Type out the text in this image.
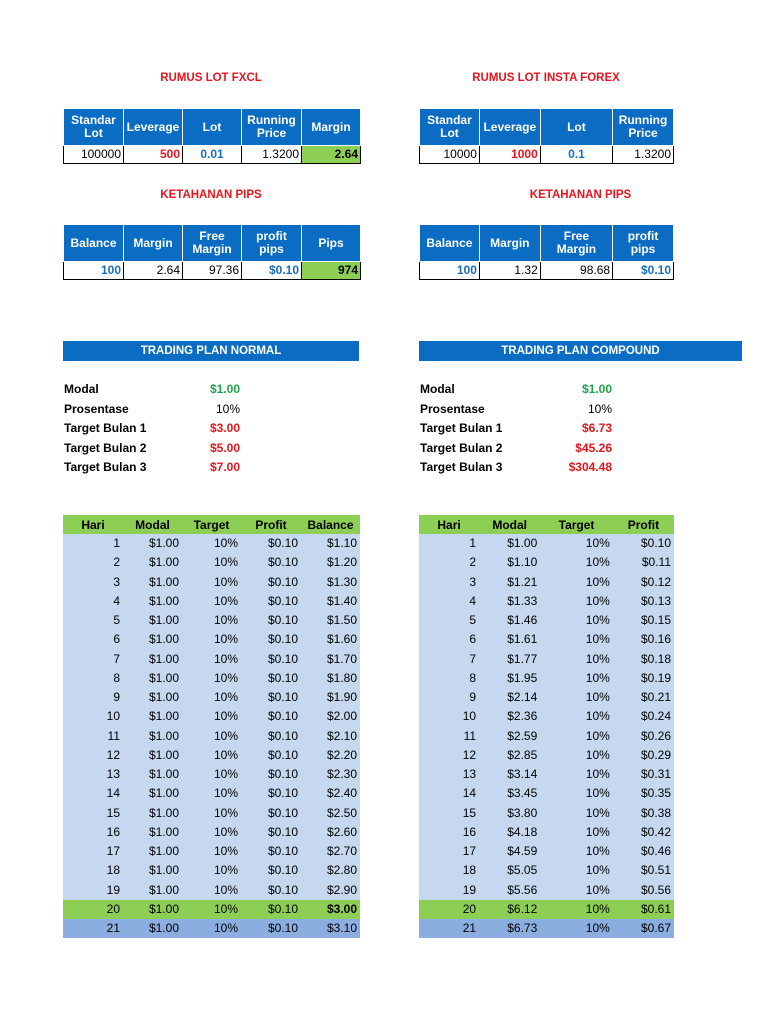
RUMUS LOT FXCL	RUMUS LOT INSTA FOREX
KETAHANAN PIPS	KETAHANAN PIPS
Standar Lot	Leverage	Lot	Running Price	Margin
100000	500	0.01	1.3200	2.64
Standar Lot	Leverage	Lot	Running Price
10000	1000	0.1	1.3200
Balance	Margin	Free Margin	profit pips	Pips
100	2.64	97.36	$0.10	974
Balance	Margin	Free Margin	profit pips
100	1.32	98.68	$0.10
TRADING PLAN NORMAL	TRADING PLAN COMPOUND
Modal	$1.00
Prosentase	10%
Target Bulan 1	$3.00
Target Bulan 2	$5.00
Target Bulan 3	$7.00
Modal	$1.00
Prosentase	10%
Target Bulan 1	$6.73
Target Bulan 2	$45.26
Target Bulan 3	$304.48
Hari	Modal	Target	Profit	Balance
1	$1.00	10%	$0.10	$1.10
2	$1.00	10%	$0.10	$1.20
3	$1.00	10%	$0.10	$1.30
4	$1.00	10%	$0.10	$1.40
5	$1.00	10%	$0.10	$1.50
6	$1.00	10%	$0.10	$1.60
7	$1.00	10%	$0.10	$1.70
8	$1.00	10%	$0.10	$1.80
9	$1.00	10%	$0.10	$1.90
10	$1.00	10%	$0.10	$2.00
11	$1.00	10%	$0.10	$2.10
12	$1.00	10%	$0.10	$2.20
13	$1.00	10%	$0.10	$2.30
14	$1.00	10%	$0.10	$2.40
15	$1.00	10%	$0.10	$2.50
16	$1.00	10%	$0.10	$2.60
17	$1.00	10%	$0.10	$2.70
18	$1.00	10%	$0.10	$2.80
19	$1.00	10%	$0.10	$2.90
20	$1.00	10%	$0.10	$3.00
21	$1.00	10%	$0.10	$3.10
Hari	Modal	Target	Profit
1	$1.00	10%	$0.10
2	$1.10	10%	$0.11
3	$1.21	10%	$0.12
4	$1.33	10%	$0.13
5	$1.46	10%	$0.15
6	$1.61	10%	$0.16
7	$1.77	10%	$0.18
8	$1.95	10%	$0.19
9	$2.14	10%	$0.21
10	$2.36	10%	$0.24
11	$2.59	10%	$0.26
12	$2.85	10%	$0.29
13	$3.14	10%	$0.31
14	$3.45	10%	$0.35
15	$3.80	10%	$0.38
16	$4.18	10%	$0.42
17	$4.59	10%	$0.46
18	$5.05	10%	$0.51
19	$5.56	10%	$0.56
20	$6.12	10%	$0.61
21	$6.73	10%	$0.67
